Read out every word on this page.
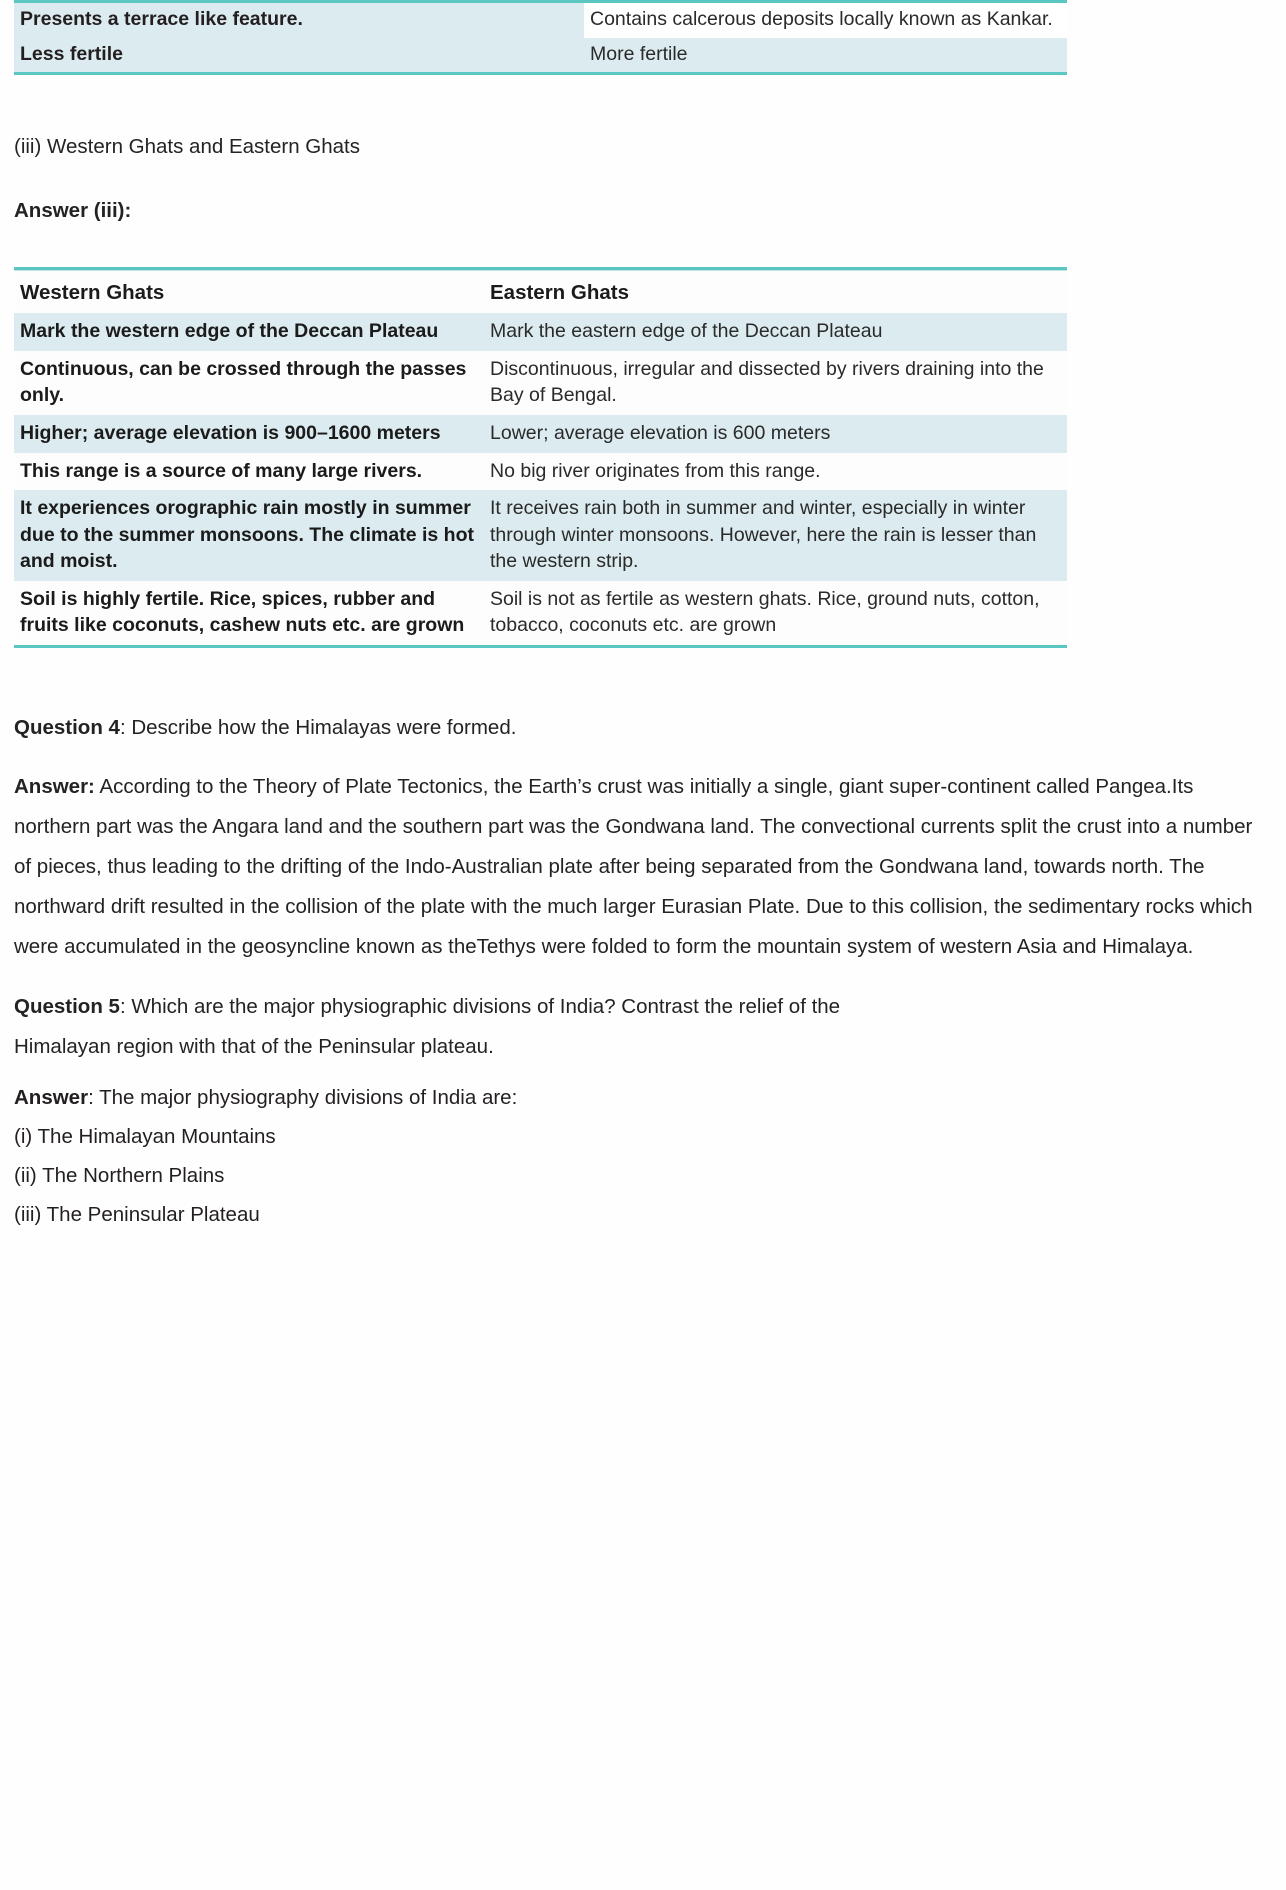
Presents a terrace like feature.	Contains calcerous deposits locally known as Kankar.
Less fertile	More fertile

(iii) Western Ghats and Eastern Ghats

Answer (iii):

Western Ghats	Eastern Ghats
Mark the western edge of the Deccan Plateau	Mark the eastern edge of the Deccan Plateau
Continuous, can be crossed through the passes only.	Discontinuous, irregular and dissected by rivers draining into the Bay of Bengal.
Higher; average elevation is 900–1600 meters	Lower; average elevation is 600 meters
This range is a source of many large rivers.	No big river originates from this range.
It experiences orographic rain mostly in summer due to the summer monsoons. The climate is hot and moist.	It receives rain both in summer and winter, especially in winter through winter monsoons. However, here the rain is lesser than the western strip.
Soil is highly fertile. Rice, spices, rubber and fruits like coconuts, cashew nuts etc. are grown	Soil is not as fertile as western ghats. Rice, ground nuts, cotton, tobacco, coconuts etc. are grown

Question 4: Describe how the Himalayas were formed.

Answer: According to the Theory of Plate Tectonics, the Earth’s crust was initially a single, giant super-continent called Pangea.Its northern part was the Angara land and the southern part was the Gondwana land. The convectional currents split the crust into a number of pieces, thus leading to the drifting of the Indo-Australian plate after being separated from the Gondwana land, towards north. The northward drift resulted in the collision of the plate with the much larger Eurasian Plate. Due to this collision, the sedimentary rocks which were accumulated in the geosyncline known as theTethys were folded to form the mountain system of western Asia and Himalaya.

Question 5: Which are the major physiographic divisions of India? Contrast the relief of the

Himalayan region with that of the Peninsular plateau.

Answer: The major physiography divisions of India are:

(i) The Himalayan Mountains

(ii) The Northern Plains

(iii) The Peninsular Plateau
